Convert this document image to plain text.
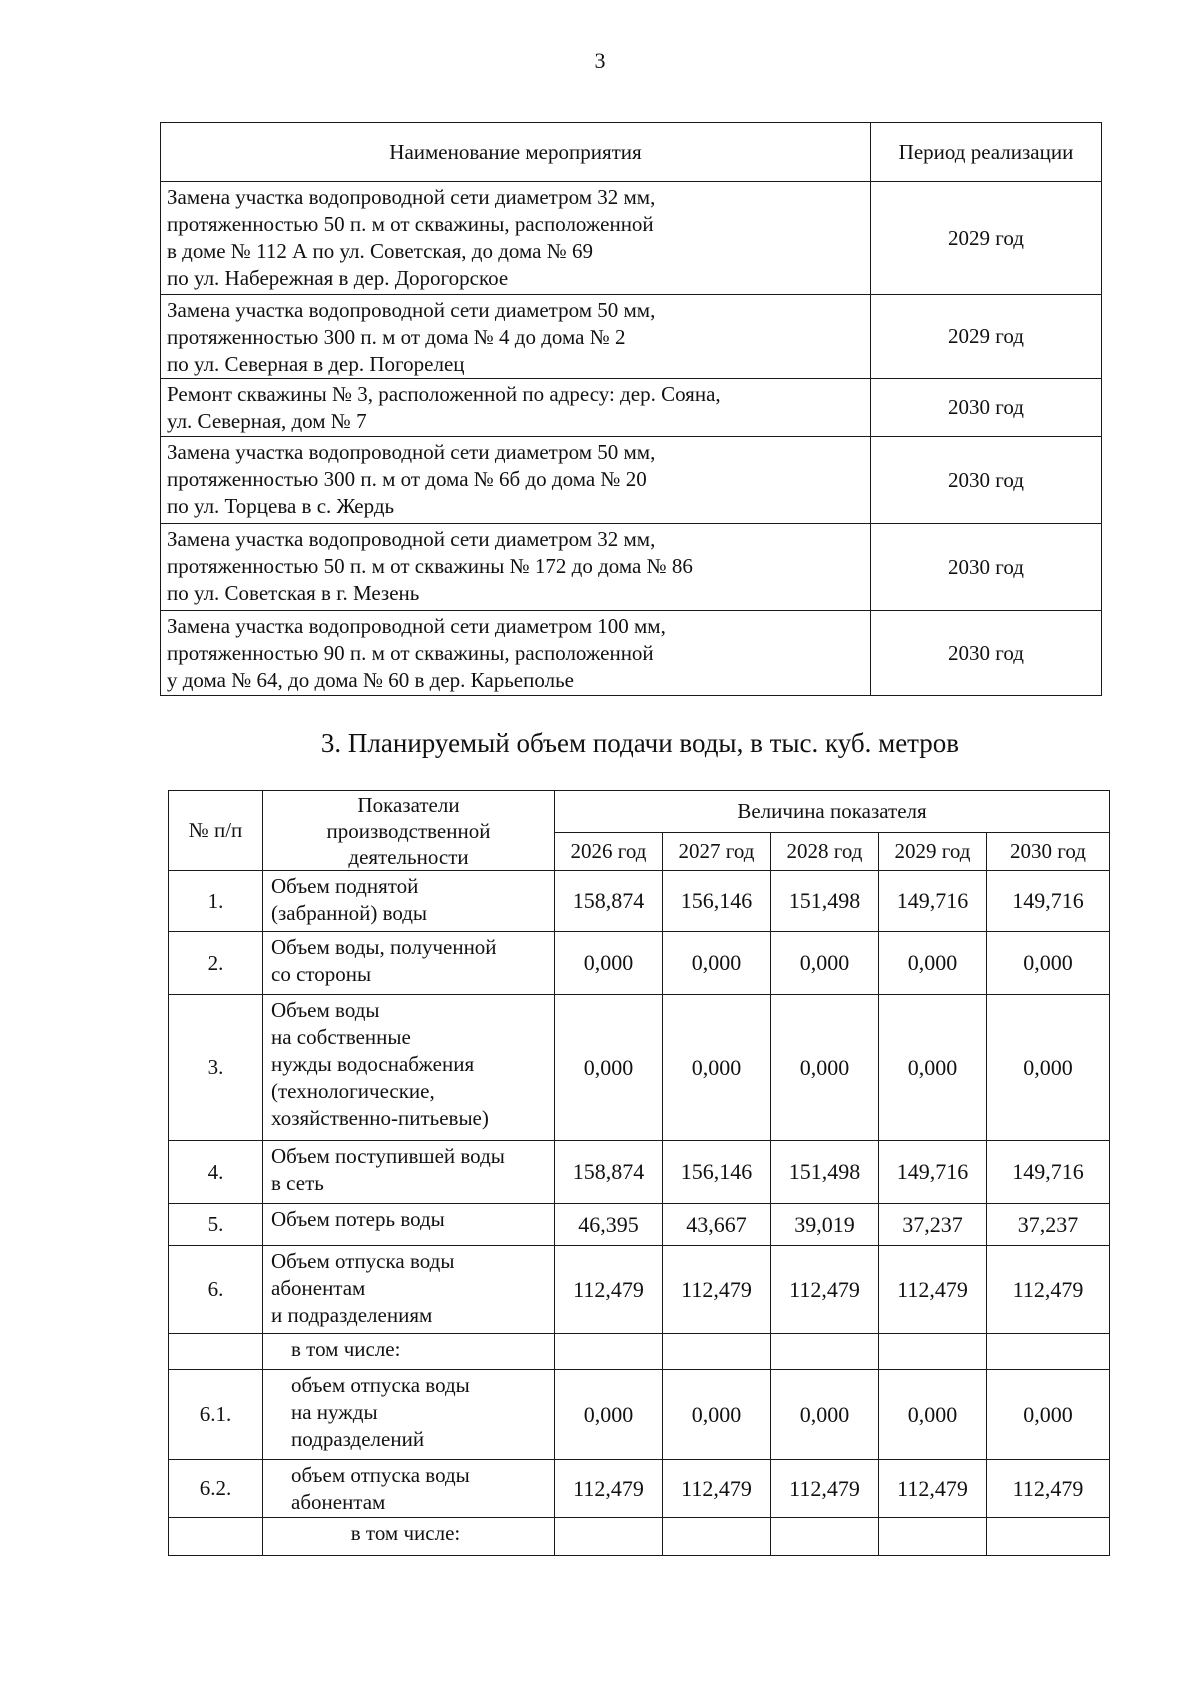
3
Наименование мероприятия	Период реализации
Замена участка водопроводной сети диаметром 32 мм,
протяженностью 50 п. м от скважины, расположенной
в доме № 112 А по ул. Советская, до дома № 69
по ул. Набережная в дер. Дорогорское	2029 год
Замена участка водопроводной сети диаметром 50 мм,
протяженностью 300 п. м от дома № 4 до дома № 2
по ул. Северная в дер. Погорелец	2029 год
Ремонт скважины № 3, расположенной по адресу: дер. Сояна,
ул. Северная, дом № 7	2030 год
Замена участка водопроводной сети диаметром 50 мм,
протяженностью 300 п. м от дома № 6б до дома № 20
по ул. Торцева в с. Жердь	2030 год
Замена участка водопроводной сети диаметром 32 мм,
протяженностью 50 п. м от скважины № 172 до дома № 86
по ул. Советская в г. Мезень	2030 год
Замена участка водопроводной сети диаметром 100 мм,
протяженностью 90 п. м от скважины, расположенной
у дома № 64, до дома № 60 в дер. Карьеполье	2030 год
3. Планируемый объем подачи воды, в тыс. куб. метров
№ п/п	Показатели
производственной
деятельности	Величина показателя				
		2026 год	2027 год	2028 год	2029 год	2030 год
1.	Объем поднятой
(забранной) воды	158,874	156,146	151,498	149,716	149,716
2.	Объем воды, полученной
со стороны	0,000	0,000	0,000	0,000	0,000
3.	Объем воды
на собственные
нужды водоснабжения
(технологические,
хозяйственно-питьевые)	0,000	0,000	0,000	0,000	0,000
4.	Объем поступившей воды
в сеть	158,874	156,146	151,498	149,716	149,716
5.	Объем потерь воды	46,395	43,667	39,019	37,237	37,237
6.	Объем отпуска воды
абонентам
и подразделениям	112,479	112,479	112,479	112,479	112,479
	в том числе:					
6.1.	объем отпуска воды
на нужды
подразделений	0,000	0,000	0,000	0,000	0,000
6.2.	объем отпуска воды
абонентам	112,479	112,479	112,479	112,479	112,479
	в том числе:					
